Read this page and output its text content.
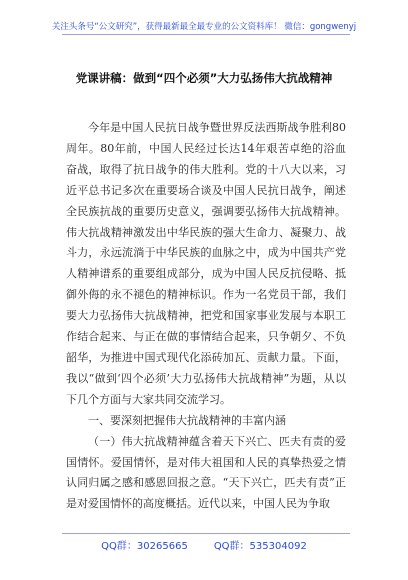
关注头条号“公文研究”，获得最新最全最专业的公文资料库！ 微信：gongwenyj
党课讲稿：做到“四个必须”大力弘扬伟大抗战精神

今年是中国人民抗日战争暨世界反法西斯战争胜利80周年。80年前，中国人民经过长达14年艰苦卓绝的浴血奋战，取得了抗日战争的伟大胜利。党的十八大以来，习近平总书记多次在重要场合谈及中国人民抗日战争，阐述全民族抗战的重要历史意义，强调要弘扬伟大抗战精神。伟大抗战精神激发出中华民族的强大生命力、凝聚力、战斗力，永远流淌于中华民族的血脉之中，成为中国共产党人精神谱系的重要组成部分，成为中国人民反抗侵略、抵御外侮的永不褪色的精神标识。作为一名党员干部，我们要大力弘扬伟大抗战精神，把党和国家事业发展与本职工作结合起来、与正在做的事情结合起来，只争朝夕、不负韶华，为推进中国式现代化添砖加瓦、贡献力量。下面，我以“做到‘四个必须’大力弘扬伟大抗战精神”为题，从以下几个方面与大家共同交流学习。

一、要深刻把握伟大抗战精神的丰富内涵

（一）伟大抗战精神蕴含着天下兴亡、匹夫有责的爱国情怀。爱国情怀，是对伟大祖国和人民的真挚热爱之情认同归属之感和感恩回报之意。“天下兴亡，匹夫有责”正是对爱国情怀的高度概括。近代以来，中国人民为争取

QQ群：30265665	QQ群：535304092
